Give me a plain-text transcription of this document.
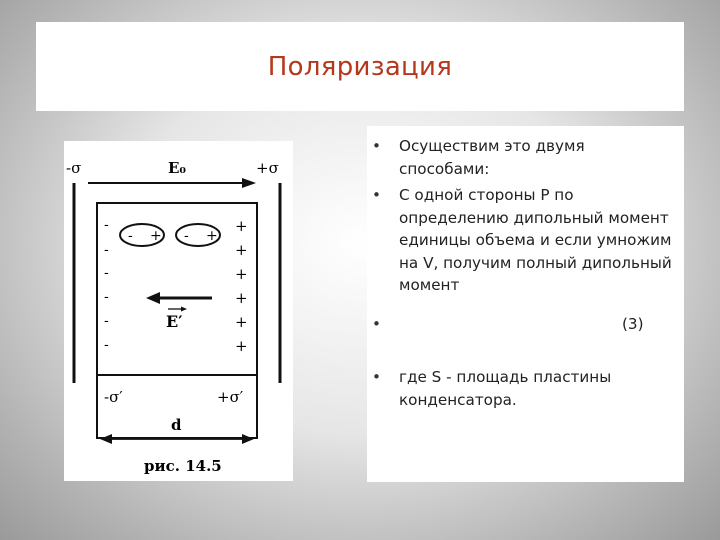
Поляризация
-σ	+σ
E₀
- + - +
-
-
-
-
-
-
+
+
+
+
+
+
E′
-σ′	+σ′
d
рис. 14.5
• Осуществим это двумя способами:
• С одной стороны P по определению дипольный момент единицы объема и если умножим на V, получим полный дипольный момент
•	(3)
• где S - площадь пластины конденсатора.
